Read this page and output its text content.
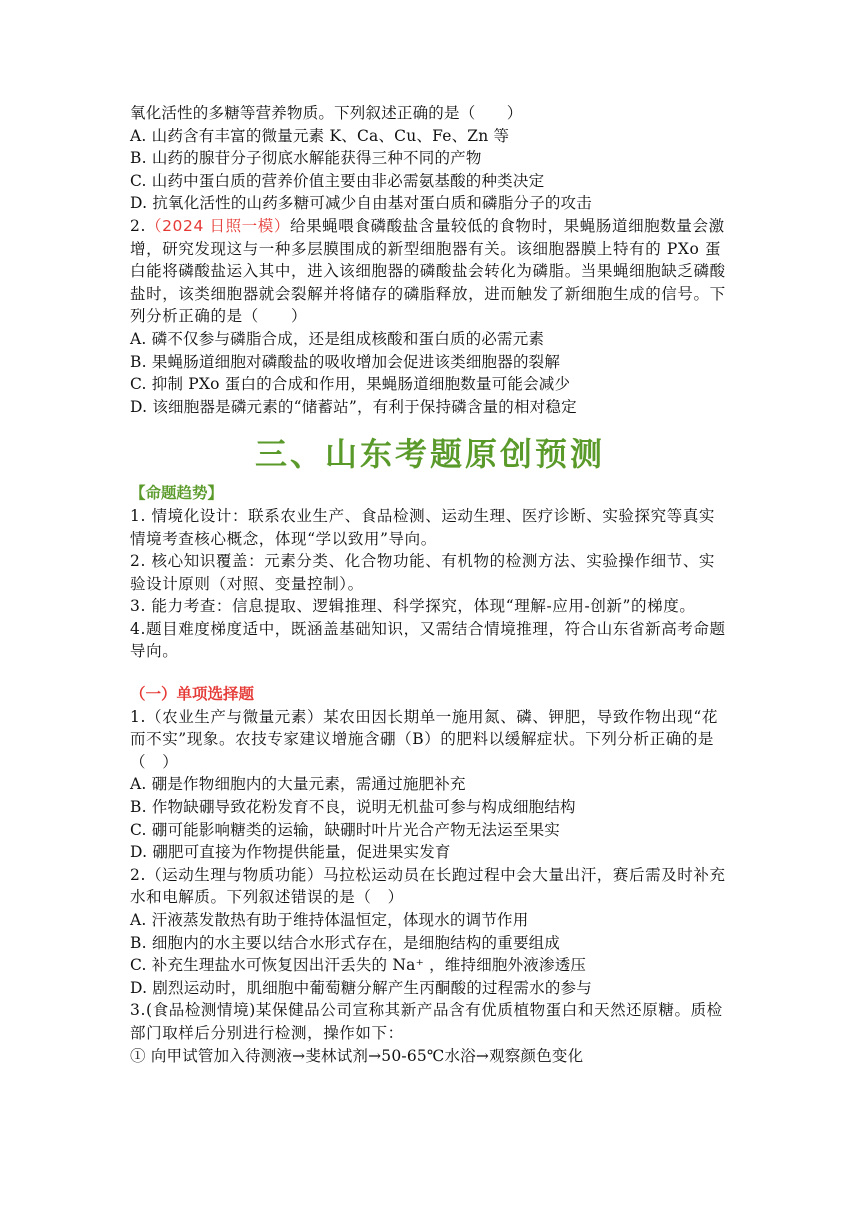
氧化活性的多糖等营养物质。下列叙述正确的是（　　）
A. 山药含有丰富的微量元素 K、Ca、Cu、Fe、Zn 等
B. 山药的腺苷分子彻底水解能获得三种不同的产物
C. 山药中蛋白质的营养价值主要由非必需氨基酸的种类决定
D. 抗氧化活性的山药多糖可减少自由基对蛋白质和磷脂分子的攻击
2.（2024 日照一模）给果蝇喂食磷酸盐含量较低的食物时，果蝇肠道细胞数量会激增，研究发现这与一种多层膜围成的新型细胞器有关。该细胞器膜上特有的 PXo 蛋白能将磷酸盐运入其中，进入该细胞器的磷酸盐会转化为磷脂。当果蝇细胞缺乏磷酸盐时，该类细胞器就会裂解并将储存的磷脂释放，进而触发了新细胞生成的信号。下列分析正确的是（　　）
A. 磷不仅参与磷脂合成，还是组成核酸和蛋白质的必需元素
B. 果蝇肠道细胞对磷酸盐的吸收增加会促进该类细胞器的裂解
C. 抑制 PXo 蛋白的合成和作用，果蝇肠道细胞数量可能会减少
D. 该细胞器是磷元素的“储蓄站”，有利于保持磷含量的相对稳定
三、山东考题原创预测
【命题趋势】
1. 情境化设计：联系农业生产、食品检测、运动生理、医疗诊断、实验探究等真实情境考查核心概念，体现“学以致用”导向。
2. 核心知识覆盖：元素分类、化合物功能、有机物的检测方法、实验操作细节、实验设计原则（对照、变量控制）。
3. 能力考查：信息提取、逻辑推理、科学探究，体现“理解-应用-创新”的梯度。
4.题目难度梯度适中，既涵盖基础知识，又需结合情境推理，符合山东省新高考命题导向。
（一）单项选择题
1.（农业生产与微量元素）某农田因长期单一施用氮、磷、钾肥，导致作物出现“花而不实”现象。农技专家建议增施含硼（B）的肥料以缓解症状。下列分析正确的是（　）
A. 硼是作物细胞内的大量元素，需通过施肥补充
B. 作物缺硼导致花粉发育不良，说明无机盐可参与构成细胞结构
C. 硼可能影响糖类的运输，缺硼时叶片光合产物无法运至果实
D. 硼肥可直接为作物提供能量，促进果实发育
2.（运动生理与物质功能）马拉松运动员在长跑过程中会大量出汗，赛后需及时补充水和电解质。下列叙述错误的是（　）
A. 汗液蒸发散热有助于维持体温恒定，体现水的调节作用
B. 细胞内的水主要以结合水形式存在，是细胞结构的重要组成
C. 补充生理盐水可恢复因出汗丢失的 Na⁺ ，维持细胞外液渗透压
D. 剧烈运动时，肌细胞中葡萄糖分解产生丙酮酸的过程需水的参与
3.(食品检测情境)某保健品公司宣称其新产品含有优质植物蛋白和天然还原糖。质检部门取样后分别进行检测，操作如下：
① 向甲试管加入待测液→斐林试剂→50-65℃水浴→观察颜色变化
